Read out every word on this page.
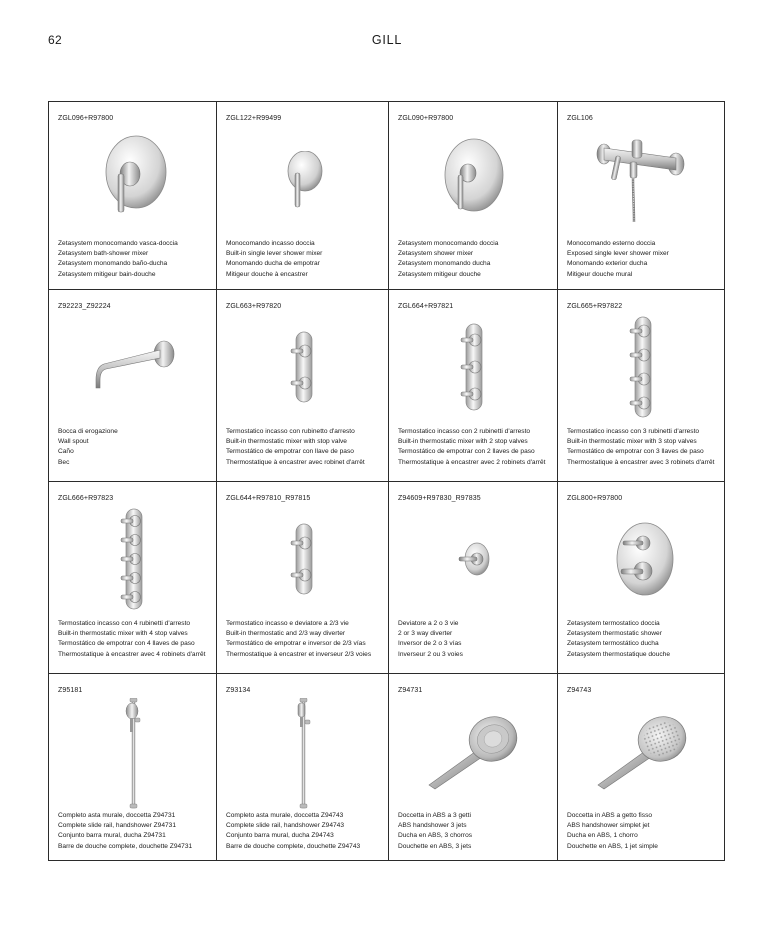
62	GILL
ZGL096+R97800
Zetasystem monocomando vasca-doccia
Zetasystem bath-shower mixer
Zetasystem monomando baño-ducha
Zetasystem mitigeur bain-douche
ZGL122+R99499
Monocomando incasso doccia
Built-in single lever shower mixer
Monomando ducha de empotrar
Mitigeur douche à encastrer
ZGL090+R97800
Zetasystem monocomando doccia
Zetasystem shower mixer
Zetasystem monomando ducha
Zetasystem mitigeur douche
ZGL106
Monocomando esterno doccia
Exposed single lever shower mixer
Monomando exterior ducha
Mitigeur douche mural
Z92223_Z92224
Bocca di erogazione
Wall spout
Caño
Bec
ZGL663+R97820
Termostatico incasso con rubinetto d'arresto
Built-in thermostatic mixer with stop valve
Termostático de empotrar con llave de paso
Thermostatique à encastrer avec robinet d'arrêt
ZGL664+R97821
Termostatico incasso con 2 rubinetti d'arresto
Built-in thermostatic mixer with 2 stop valves
Termostático de empotrar con 2 llaves de paso
Thermostatique à encastrer avec 2 robinets d'arrêt
ZGL665+R97822
Termostatico incasso con 3 rubinetti d'arresto
Built-in thermostatic mixer with 3 stop valves
Termostático de empotrar con 3 llaves de paso
Thermostatique à encastrer avec 3 robinets d'arrêt
ZGL666+R97823
Termostatico incasso con 4 rubinetti d'arresto
Built-in thermostatic mixer with 4 stop valves
Termostático de empotrar con 4 llaves de paso
Thermostatique à encastrer avec 4 robinets d'arrêt
ZGL644+R97810_R97815
Termostatico incasso e deviatore a 2/3 vie
Built-in thermostatic and 2/3 way diverter
Termostático de empotrar e inversor de 2/3 vías
Thermostatique à encastrer et inverseur 2/3 voies
Z94609+R97830_R97835
Deviatore a 2 o 3 vie
2 or 3 way diverter
Inversor de 2 o 3 vías
Inverseur 2 ou 3 voies
ZGL800+R97800
Zetasystem termostatico doccia
Zetasystem thermostatic shower
Zetasystem termostático ducha
Zetasystem thermostatique douche
Z95181
Completo asta murale, doccetta Z94731
Complete slide rail, handshower Z94731
Conjunto barra mural, ducha Z94731
Barre de douche complete, douchette Z94731
Z93134
Completo asta murale, doccetta Z94743
Complete slide rail, handshower Z94743
Conjunto barra mural, ducha Z94743
Barre de douche complete, douchette Z94743
Z94731
Doccetta in ABS a 3 getti
ABS handshower 3 jets
Ducha en ABS, 3 chorros
Douchette en ABS, 3 jets
Z94743
Doccetta in ABS a getto fisso
ABS handshower simplet jet
Ducha en ABS, 1 chorro
Douchette en ABS, 1 jet simple
